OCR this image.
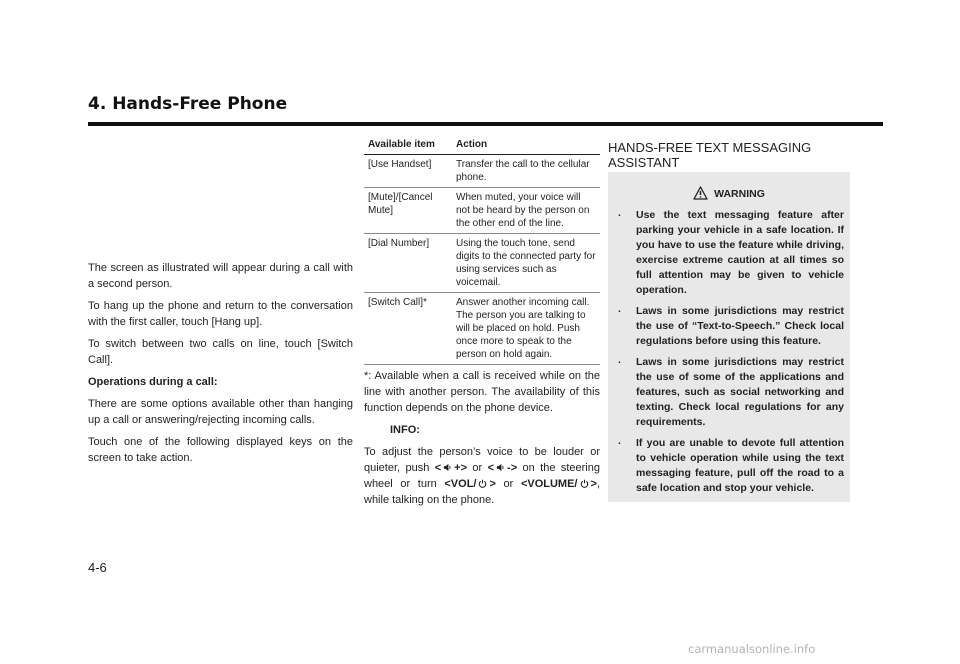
4. Hands-Free Phone

The screen as illustrated will appear during a call with a second person.

To hang up the phone and return to the conversation with the first caller, touch [Hang up].

To switch between two calls on line, touch [Switch Call].

Operations during a call:

There are some options available other than hanging up a call or answering/rejecting incoming calls.

Touch one of the following displayed keys on the screen to take action.

Available item	Action
[Use Handset]	Transfer the call to the cellular phone.
[Mute]/[Cancel Mute]	When muted, your voice will not be heard by the person on the other end of the line.
[Dial Number]	Using the touch tone, send digits to the connected party for using services such as voicemail.
[Switch Call]*	Answer another incoming call. The person you are talking to will be placed on hold. Push once more to speak to the person on hold again.

*: Available when a call is received while on the line with another person. The availability of this function depends on the phone device.

INFO:

To adjust the person’s voice to be louder or quieter, push < +> or < -> on the steering wheel or turn <VOL/ > or <VOLUME/ >, while talking on the phone.

HANDS-FREE TEXT MESSAGING ASSISTANT
WARNING
. Use the text messaging feature after parking your vehicle in a safe location. If you have to use the feature while driving, exercise extreme caution at all times so full attention may be given to vehicle operation.
. Laws in some jurisdictions may restrict the use of “Text-to-Speech.” Check local regulations before using this feature.
. Laws in some jurisdictions may restrict the use of some of the applications and features, such as social networking and texting. Check local regulations for any requirements.
. If you are unable to devote full attention to vehicle operation while using the text messaging feature, pull off the road to a safe location and stop your vehicle.
4-6
carmanualsonline.info
